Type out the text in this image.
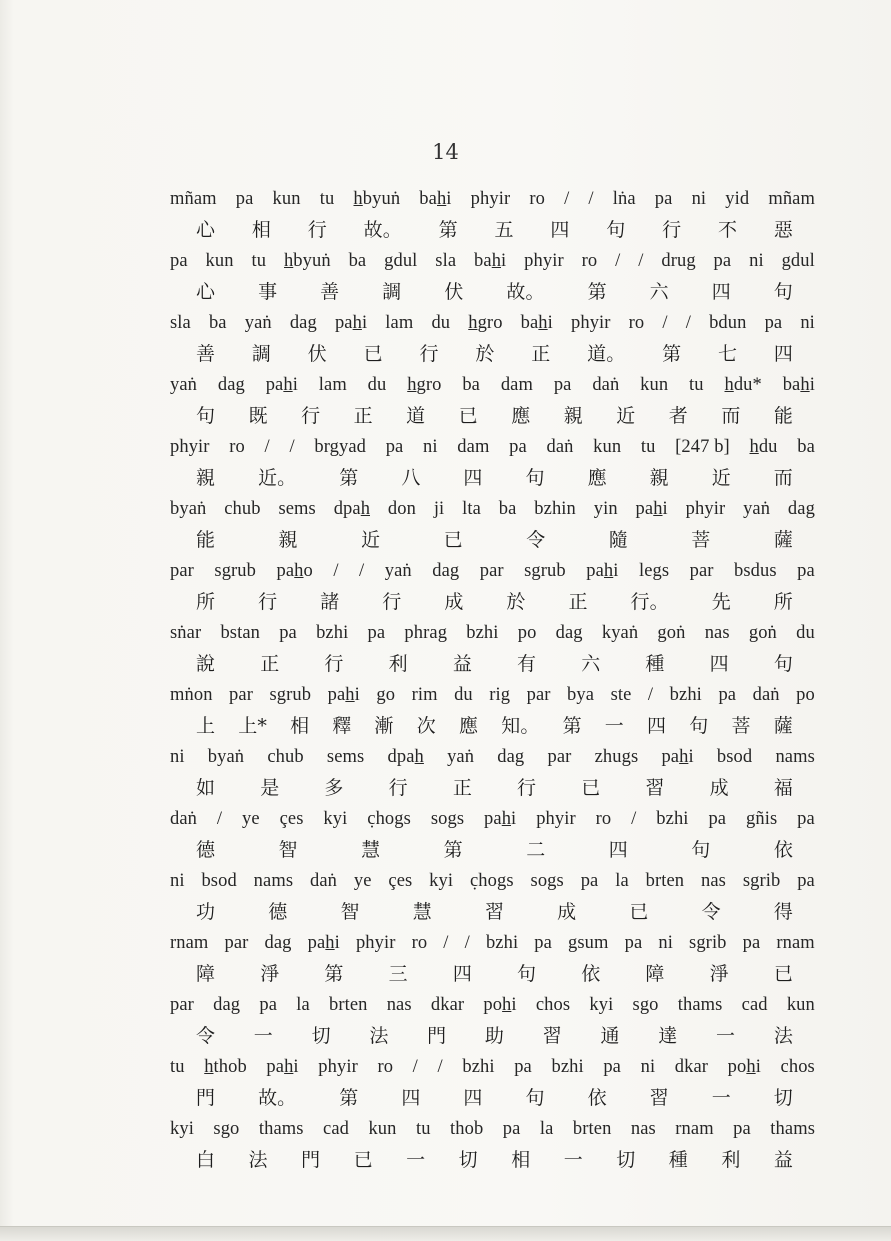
14
mñam pa kun tu h̲byuṅ bah̲i phyir ro / / lṅa pa ni yid mñam
心 相 行 故。 第 五 四 句 行 不 惡
pa kun tu h̲byuṅ ba gdul sla bah̲i phyir ro / / drug pa ni gdul
心 事 善 調 伏 故。 第 六 四 句
sla ba yaṅ dag pah̲i lam du h̲gro bah̲i phyir ro / / bdun pa ni
善 調 伏 已 行 於 正 道。 第 七 四
yaṅ dag pah̲i lam du h̲gro ba dam pa daṅ kun tu h̲du* bah̲i
句 既 行 正 道 已 應 親 近 者 而 能
phyir ro / / brgyad pa ni dam pa daṅ kun tu [247 b] h̲du ba
親 近。 第 八 四 句 應 親 近 而
byaṅ chub sems dpah̲ don ji lta ba bzhin yin pah̲i phyir yaṅ dag
能	親	近	已	令	隨	菩	薩
par sgrub pah̲o / / yaṅ dag par sgrub pah̲i legs par bsdus pa
所 行 諸 行 成 於 正 行。 先 所
sṅar bstan pa bzhi pa phrag bzhi po dag kyaṅ goṅ nas goṅ du
說 正 行 利 益 有 六 種 四 句
mṅon par sgrub pah̲i go rim du rig par bya ste / bzhi pa daṅ po
上 上* 相 釋 漸 次 應 知。 第 一 四 句 菩 薩
ni byaṅ chub sems dpah̲ yaṅ dag par zhugs pah̲i bsod nams
如 是 多 行 正 行 已 習 成 福
daṅ / ye çes kyi c̣hogs sogs pah̲i phyir ro / bzhi pa gñis pa
德	智	慧	第	二	四	句	依
ni bsod nams daṅ ye çes kyi c̣hogs sogs pa la brten nas sgrib pa
功	德	智	慧	習	成	已	令	得
rnam par dag pah̲i phyir ro / / bzhi pa gsum pa ni sgrib pa rnam
障 淨 第 三 四 句 依 障 淨 已
par dag pa la brten nas dkar poh̲i chos kyi sgo thams cad kun
令 一 切 法 門 助 習 通 達 一 法
tu h̲thob pah̲i phyir ro / / bzhi pa bzhi pa ni dkar poh̲i chos
門 故。 第 四 四 句 依 習 一 切
kyi sgo thams cad kun tu thob pa la brten nas rnam pa thams
白 法 門 已 一 切 相 一 切 種 利 益
